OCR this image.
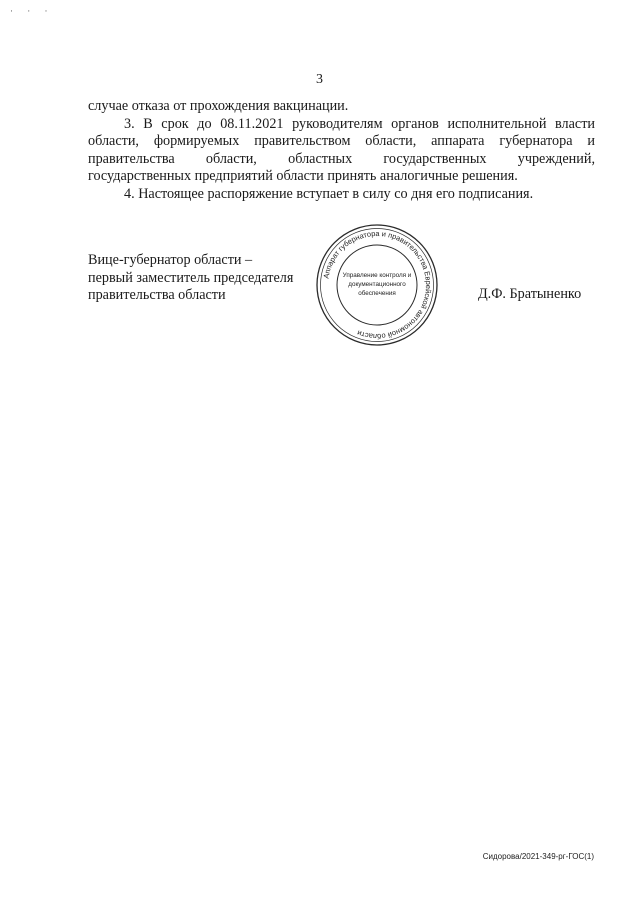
· · ·
3

случае отказа от прохождения вакцинации.

3. В срок до 08.11.2021 руководителям органов исполнительной власти

области, формируемых правительством области, аппарата губернатора и

правительства области, областных государственных учреждений,

государственных предприятий области принять аналогичные решения.

4. Настоящее распоряжение вступает в силу со дня его подписания.

Вице-губернатор области –
первый заместитель председателя
правительства области
Аппарат губернатора и правительства Еврейской автономной области
Управление контроля и
документационного
обеспечения	Д.Ф. Братыненко
Сидорова/2021-349-рг-ГОС(1)
